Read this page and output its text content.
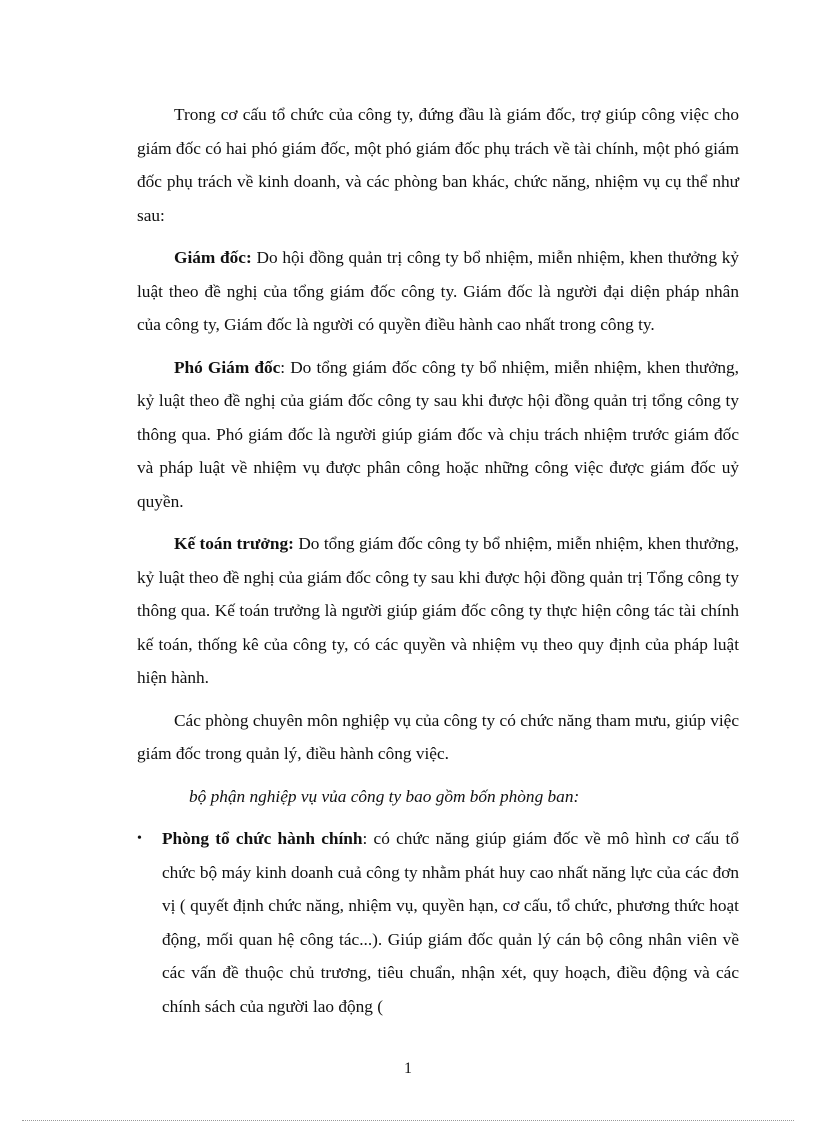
Trong cơ cấu tổ chức của công ty, đứng đầu là giám đốc, trợ giúp công việc cho giám đốc có hai phó giám đốc, một phó giám đốc phụ trách về tài chính, một phó giám đốc phụ trách về kinh doanh, và các phòng ban khác, chức năng, nhiệm vụ cụ thể như sau:

Giám đốc: Do hội đồng quản trị công ty bổ nhiệm, miễn nhiệm, khen thưởng kỷ luật theo đề nghị của tổng giám đốc công ty. Giám đốc là người đại diện pháp nhân của công ty, Giám đốc là người có quyền điều hành cao nhất trong công ty.

Phó Giám đốc: Do tổng giám đốc công ty bổ nhiệm, miễn nhiệm, khen thưởng, kỷ luật theo đề nghị của giám đốc công ty sau khi được hội đồng quản trị tổng công ty thông qua. Phó giám đốc là người giúp giám đốc và chịu trách nhiệm trước giám đốc và pháp luật về nhiệm vụ được phân công hoặc những công việc được giám đốc uỷ quyền.

Kế toán trưởng: Do tổng giám đốc công ty bổ nhiệm, miễn nhiệm, khen thưởng, kỷ luật theo đề nghị của giám đốc công ty sau khi được hội đồng quản trị Tổng công ty thông qua. Kế toán trưởng là người giúp giám đốc công ty thực hiện công tác tài chính kế toán, thống kê của công ty, có các quyền và nhiệm vụ theo quy định của pháp luật hiện hành.

Các phòng chuyên môn nghiệp vụ của công ty có chức năng tham mưu, giúp việc giám đốc trong quản lý, điều hành công việc.

bộ phận nghiệp vụ vủa công ty bao gồm bốn phòng ban:

• Phòng tổ chức hành chính: có chức năng giúp giám đốc về mô hình cơ cấu tổ chức bộ máy kinh doanh cuả công ty nhằm phát huy cao nhất năng lực của các đơn vị ( quyết định chức năng, nhiệm vụ, quyền hạn, cơ cấu, tổ chức, phương thức hoạt động, mối quan hệ công tác...). Giúp giám đốc quản lý cán bộ công nhân viên về các vấn đề thuộc chủ trương, tiêu chuẩn, nhận xét, quy hoạch, điều động và các chính sách của người lao động (
1
